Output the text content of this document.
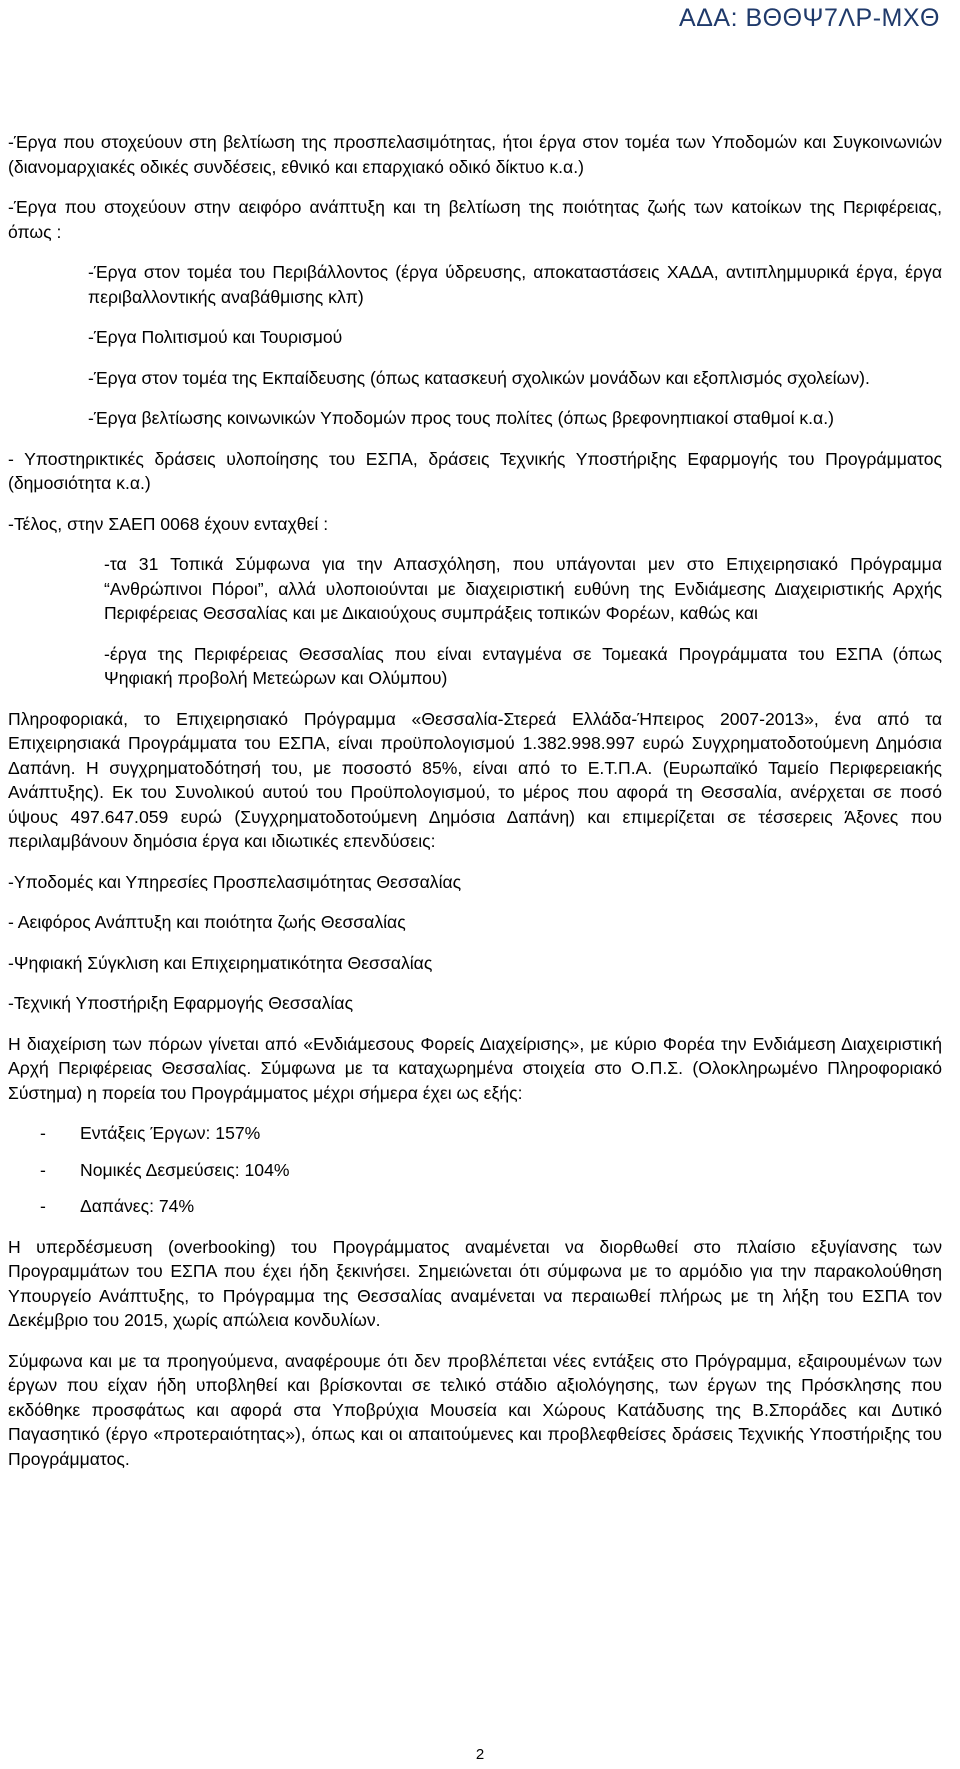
ΑΔΑ: ΒΘΘΨ7ΛΡ-ΜΧΘ

-Έργα που στοχεύουν στη βελτίωση της προσπελασιμότητας, ήτοι έργα στον τομέα των Υποδομών και Συγκοινωνιών (διανομαρχιακές οδικές συνδέσεις, εθνικό και επαρχιακό οδικό δίκτυο κ.α.)

-Έργα που στοχεύουν στην αειφόρο ανάπτυξη και τη βελτίωση της ποιότητας ζωής των κατοίκων της Περιφέρειας, όπως :

-Έργα στον τομέα του Περιβάλλοντος (έργα ύδρευσης, αποκαταστάσεις ΧΑΔΑ, αντιπλημμυρικά έργα, έργα περιβαλλοντικής αναβάθμισης κλπ)

-Έργα Πολιτισμού και Τουρισμού

-Έργα στον τομέα της Εκπαίδευσης (όπως κατασκευή σχολικών μονάδων και εξοπλισμός σχολείων).

-Έργα βελτίωσης κοινωνικών Υποδομών προς τους πολίτες (όπως βρεφονηπιακοί σταθμοί κ.α.)

- Υποστηρικτικές δράσεις υλοποίησης του ΕΣΠΑ, δράσεις Τεχνικής Υποστήριξης Εφαρμογής του Προγράμματος (δημοσιότητα κ.α.)

-Τέλος, στην ΣΑΕΠ 0068 έχουν ενταχθεί :

-τα 31 Τοπικά Σύμφωνα για την Απασχόληση, που υπάγονται μεν στο Επιχειρησιακό Πρόγραμμα “Ανθρώπινοι Πόροι”, αλλά υλοποιούνται με διαχειριστική ευθύνη της Ενδιάμεσης Διαχειριστικής Αρχής Περιφέρειας Θεσσαλίας και με Δικαιούχους συμπράξεις τοπικών Φορέων, καθώς και

-έργα της Περιφέρειας Θεσσαλίας που είναι ενταγμένα σε Τομεακά Προγράμματα του ΕΣΠΑ (όπως Ψηφιακή προβολή Μετεώρων και Ολύμπου)

Πληροφοριακά, το Επιχειρησιακό Πρόγραμμα «Θεσσαλία-Στερεά Ελλάδα-Ήπειρος 2007-2013», ένα από τα Επιχειρησιακά Προγράμματα του ΕΣΠΑ, είναι προϋπολογισμού 1.382.998.997 ευρώ Συγχρηματοδοτούμενη Δημόσια Δαπάνη. Η συγχρηματοδότησή του, με ποσοστό 85%, είναι από το Ε.Τ.Π.Α. (Ευρωπαϊκό Ταμείο Περιφερειακής Ανάπτυξης). Εκ του Συνολικού αυτού του Προϋπολογισμού, το μέρος που αφορά τη Θεσσαλία, ανέρχεται σε ποσό ύψους 497.647.059 ευρώ (Συγχρηματοδοτούμενη Δημόσια Δαπάνη) και επιμερίζεται σε τέσσερεις Άξονες που περιλαμβάνουν δημόσια έργα και ιδιωτικές επενδύσεις:

-Υποδομές και Υπηρεσίες Προσπελασιμότητας Θεσσαλίας

- Αειφόρος Ανάπτυξη και ποιότητα ζωής Θεσσαλίας

-Ψηφιακή Σύγκλιση και Επιχειρηματικότητα Θεσσαλίας

-Τεχνική Υποστήριξη Εφαρμογής Θεσσαλίας

Η διαχείριση των πόρων γίνεται από «Ενδιάμεσους Φορείς Διαχείρισης», με κύριο Φορέα την Ενδιάμεση Διαχειριστική Αρχή Περιφέρειας Θεσσαλίας. Σύμφωνα με τα καταχωρημένα στοιχεία στο Ο.Π.Σ. (Ολοκληρωμένο Πληροφοριακό Σύστημα) η πορεία του Προγράμματος μέχρι σήμερα έχει ως εξής:

-	Εντάξεις Έργων: 157%
-	Νομικές Δεσμεύσεις: 104%
-	Δαπάνες: 74%

Η υπερδέσμευση (overbooking) του Προγράμματος αναμένεται να διορθωθεί στο πλαίσιο εξυγίανσης των Προγραμμάτων του ΕΣΠΑ που έχει ήδη ξεκινήσει. Σημειώνεται ότι σύμφωνα με το αρμόδιο για την παρακολούθηση Υπουργείο Ανάπτυξης, το Πρόγραμμα της Θεσσαλίας αναμένεται να περαιωθεί πλήρως με τη λήξη του ΕΣΠΑ τον Δεκέμβριο του 2015, χωρίς απώλεια κονδυλίων.

Σύμφωνα και με τα προηγούμενα, αναφέρουμε ότι δεν προβλέπεται νέες εντάξεις στο Πρόγραμμα, εξαιρουμένων των έργων που είχαν ήδη υποβληθεί και βρίσκονται σε τελικό στάδιο αξιολόγησης, των έργων της Πρόσκλησης που εκδόθηκε προσφάτως και αφορά στα Υποβρύχια Μουσεία και Χώρους Κατάδυσης της Β.Σποράδες και Δυτικό Παγασητικό (έργο «προτεραιότητας»), όπως και οι απαιτούμενες και προβλεφθείσες δράσεις Τεχνικής Υποστήριξης του Προγράμματος.

2
